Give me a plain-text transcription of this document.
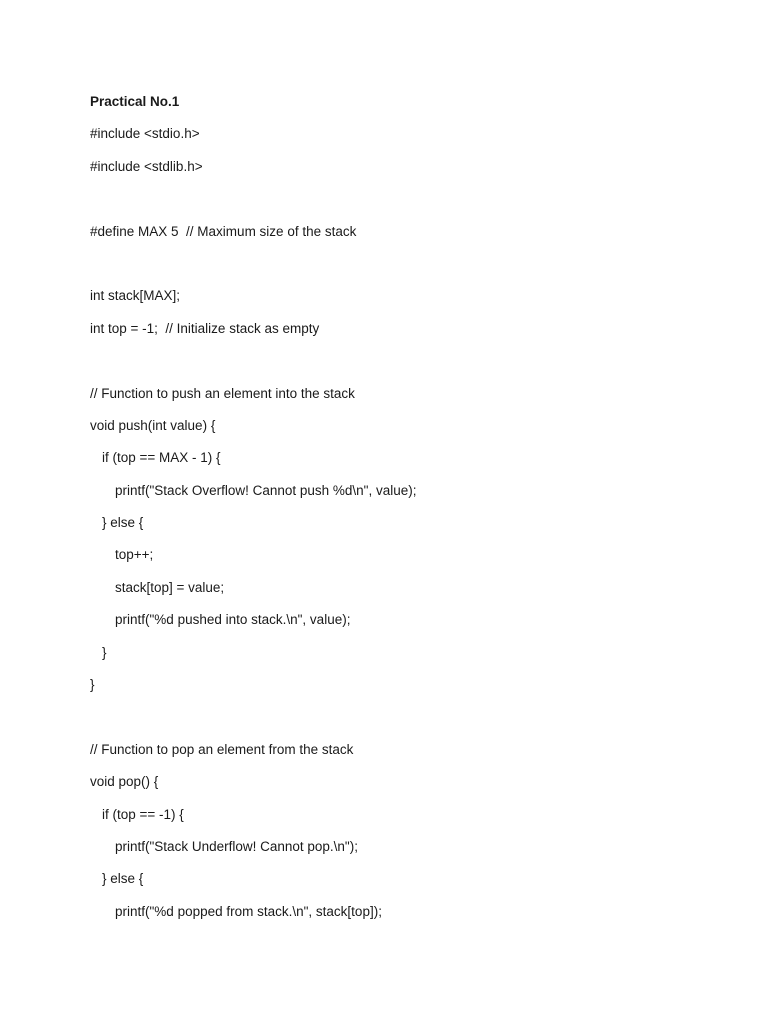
Practical No.1
#include <stdio.h>
#include <stdlib.h>
#define MAX 5  // Maximum size of the stack
int stack[MAX];
int top = -1;  // Initialize stack as empty
// Function to push an element into the stack
void push(int value) {
if (top == MAX - 1) {
printf("Stack Overflow! Cannot push %d\n", value);
} else {
top++;
stack[top] = value;
printf("%d pushed into stack.\n", value);
}
}
// Function to pop an element from the stack
void pop() {
if (top == -1) {
printf("Stack Underflow! Cannot pop.\n");
} else {
printf("%d popped from stack.\n", stack[top]);
